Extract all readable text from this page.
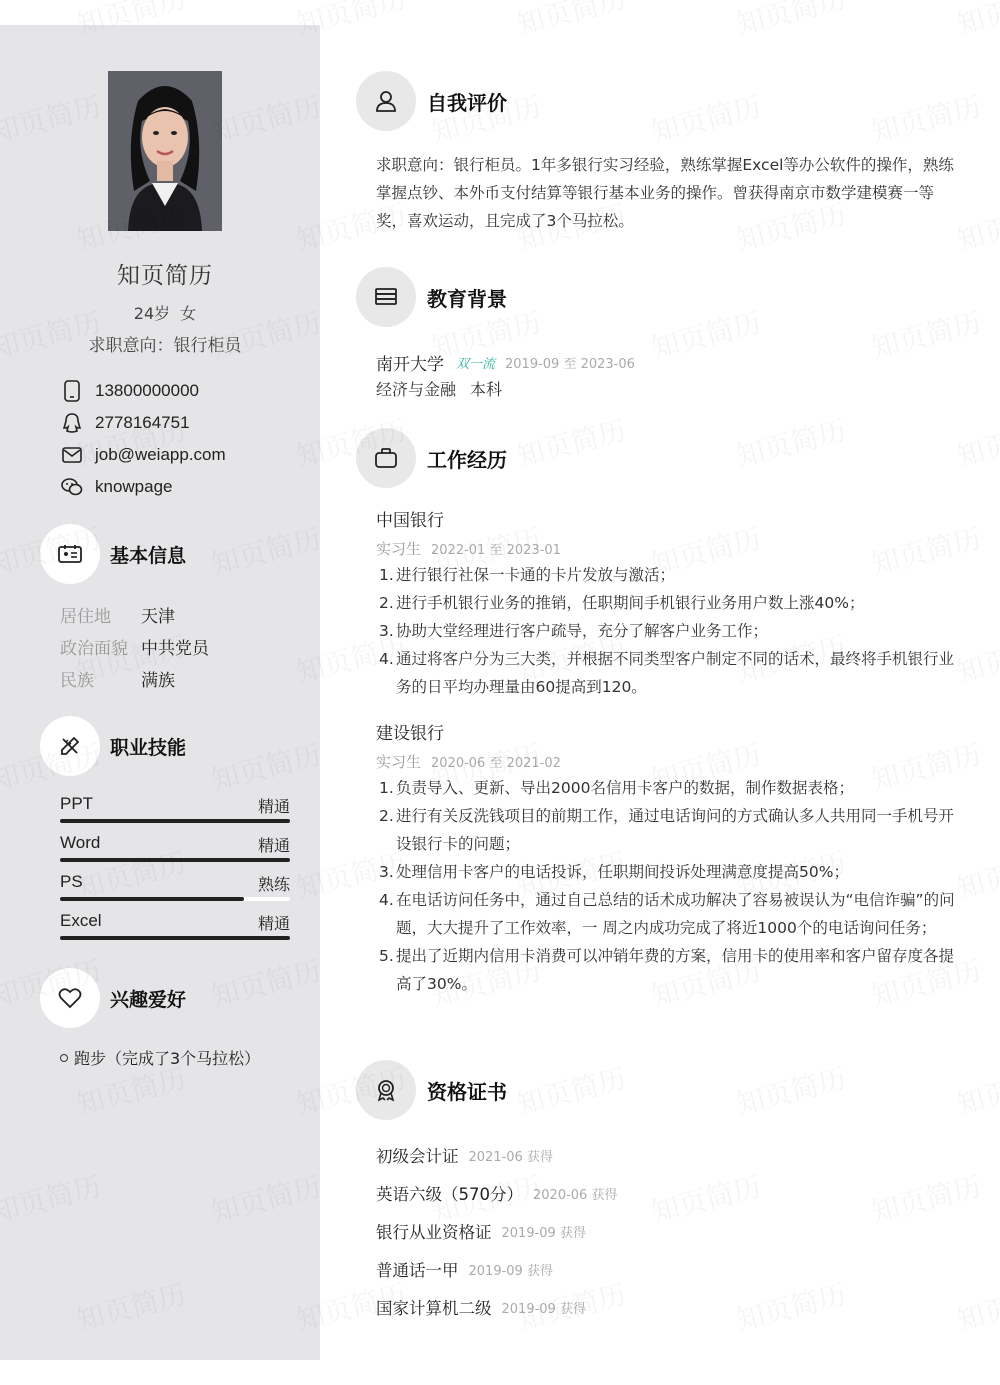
知页简历
24岁 女
求职意向：银行柜员
13800000000
2778164751
job@weiapp.com
knowpage
基本信息
居住地	天津
政治面貌 中共党员
民族	满族
职业技能
PPT	精通
Word	精通
PS	熟练
Excel	精通
兴趣爱好
跑步（完成了3个马拉松）
自我评价
求职意向：银行柜员。1年多银行实习经验，熟练掌握Excel等办公软件的操作，熟练掌握点钞、本外币支付结算等银行基本业务的操作。曾获得南京市数学建模赛一等奖，喜欢运动，且完成了3个马拉松。
教育背景
南开大学 双一流 2019-09 至 2023-06
经济与金融 本科
工作经历
中国银行
实习生 2022-01 至 2023-01
1. 进行银行社保一卡通的卡片发放与激活；
2. 进行手机银行业务的推销，任职期间手机银行业务用户数上涨40%；
3. 协助大堂经理进行客户疏导，充分了解客户业务工作；
4. 通过将客户分为三大类，并根据不同类型客户制定不同的话术，最终将手机银行业务的日平均办理量由60提高到120。
建设银行
实习生 2020-06 至 2021-02
1. 负责导入、更新、导出2000名信用卡客户的数据，制作数据表格；
2. 进行有关反洗钱项目的前期工作，通过电话询问的方式确认多人共用同一手机号开设银行卡的问题；
3. 处理信用卡客户的电话投诉，任职期间投诉处理满意度提高50%；
4. 在电话访问任务中，通过自己总结的话术成功解决了容易被误认为“电信诈骗”的问题，大大提升了工作效率，一 周之内成功完成了将近1000个的电话询问任务；
5. 提出了近期内信用卡消费可以冲销年费的方案，信用卡的使用率和客户留存度各提高了30%。
资格证书
初级会计证 2021-06 获得
英语六级（570分） 2020-06 获得
银行从业资格证 2019-09 获得
普通话一甲 2019-09 获得
国家计算机二级 2019-09 获得
